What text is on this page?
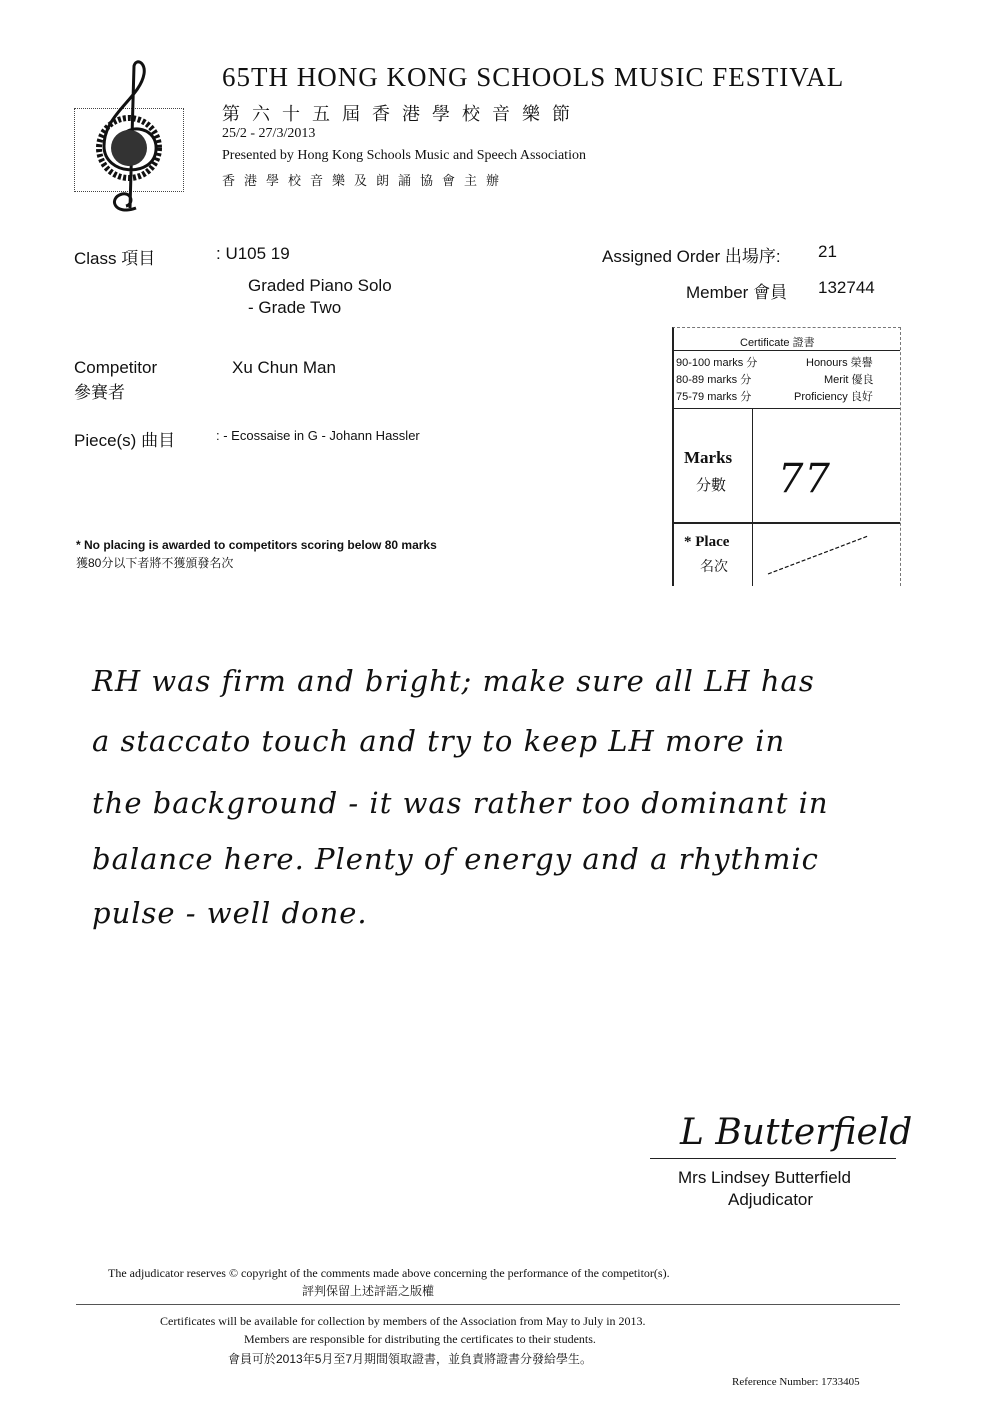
65TH HONG KONG SCHOOLS MUSIC FESTIVAL
第六十五屆香港學校音樂節
25/2 - 27/3/2013
Presented by Hong Kong Schools Music and Speech Association
香港學校音樂及朗誦協會主辦
Class 項目	: U105 19
Graded Piano Solo
- Grade Two
Assigned Order 出場序: 21
Member 會員 132744
Competitor
參賽者
Xu Chun Man
Piece(s) 曲目	: - Ecossaise in G - Johann Hassler
Certificate 證書
90-100 marks 分	Honours 榮譽
80-89 marks 分	Merit 優良
75-79 marks 分	Proficiency 良好
Marks
分數 77
* Place
名次
* No placing is awarded to competitors scoring below 80 marks
獲80分以下者將不獲頒發名次
RH was firm and bright; make sure all LH has
a staccato touch and try to keep LH more in
the background - it was rather too dominant in
balance here. Plenty of energy and a rhythmic
pulse - well done.
L Butterfield
Mrs Lindsey Butterfield
Adjudicator
The adjudicator reserves © copyright of the comments made above concerning the performance of the competitor(s).
評判保留上述評語之版權
Certificates will be available for collection by members of the Association from May to July in 2013.
Members are responsible for distributing the certificates to their students.
會員可於2013年5月至7月期間領取證書，並負責將證書分發給學生。
Reference Number: 1733405
